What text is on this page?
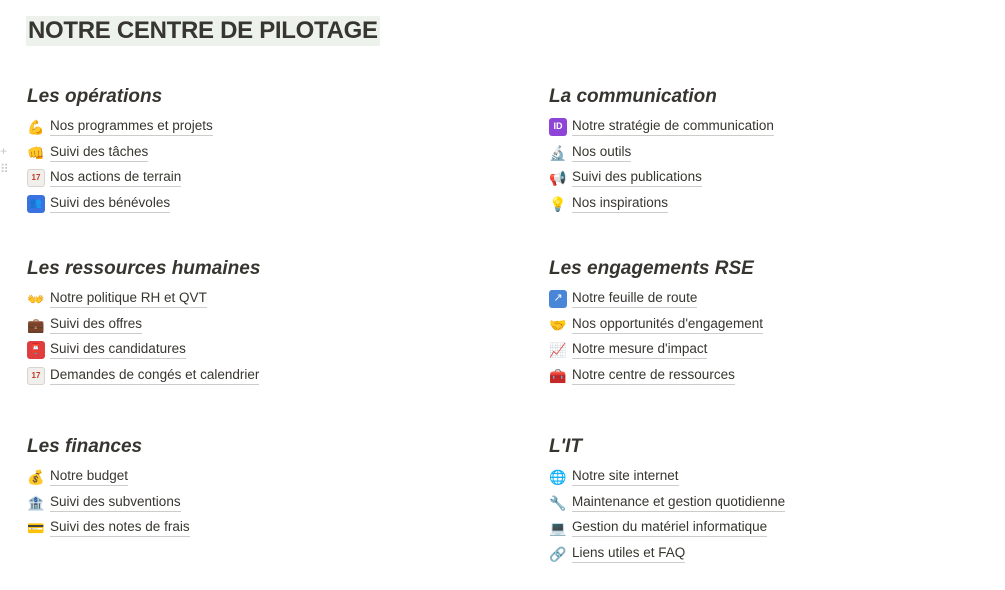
NOTRE CENTRE DE PILOTAGE
+ ⠿
Les opérations
💪 Nos programmes et projets
👊 Suivi des tâches
17 Nos actions de terrain
👥 Suivi des bénévoles
La communication
ID Notre stratégie de communication
🔬 Nos outils
📢 Suivi des publications
💡 Nos inspirations
Les ressources humaines
👐 Notre politique RH et QVT
💼 Suivi des offres
📮 Suivi des candidatures
17 Demandes de congés et calendrier
Les engagements RSE
↗ Notre feuille de route
🤝 Nos opportunités d'engagement
📈 Notre mesure d'impact
🧰 Notre centre de ressources
Les finances
💰 Notre budget
🏦 Suivi des subventions
💳 Suivi des notes de frais
L'IT
🌐 Notre site internet
🔧 Maintenance et gestion quotidienne
💻 Gestion du matériel informatique
🔗 Liens utiles et FAQ
